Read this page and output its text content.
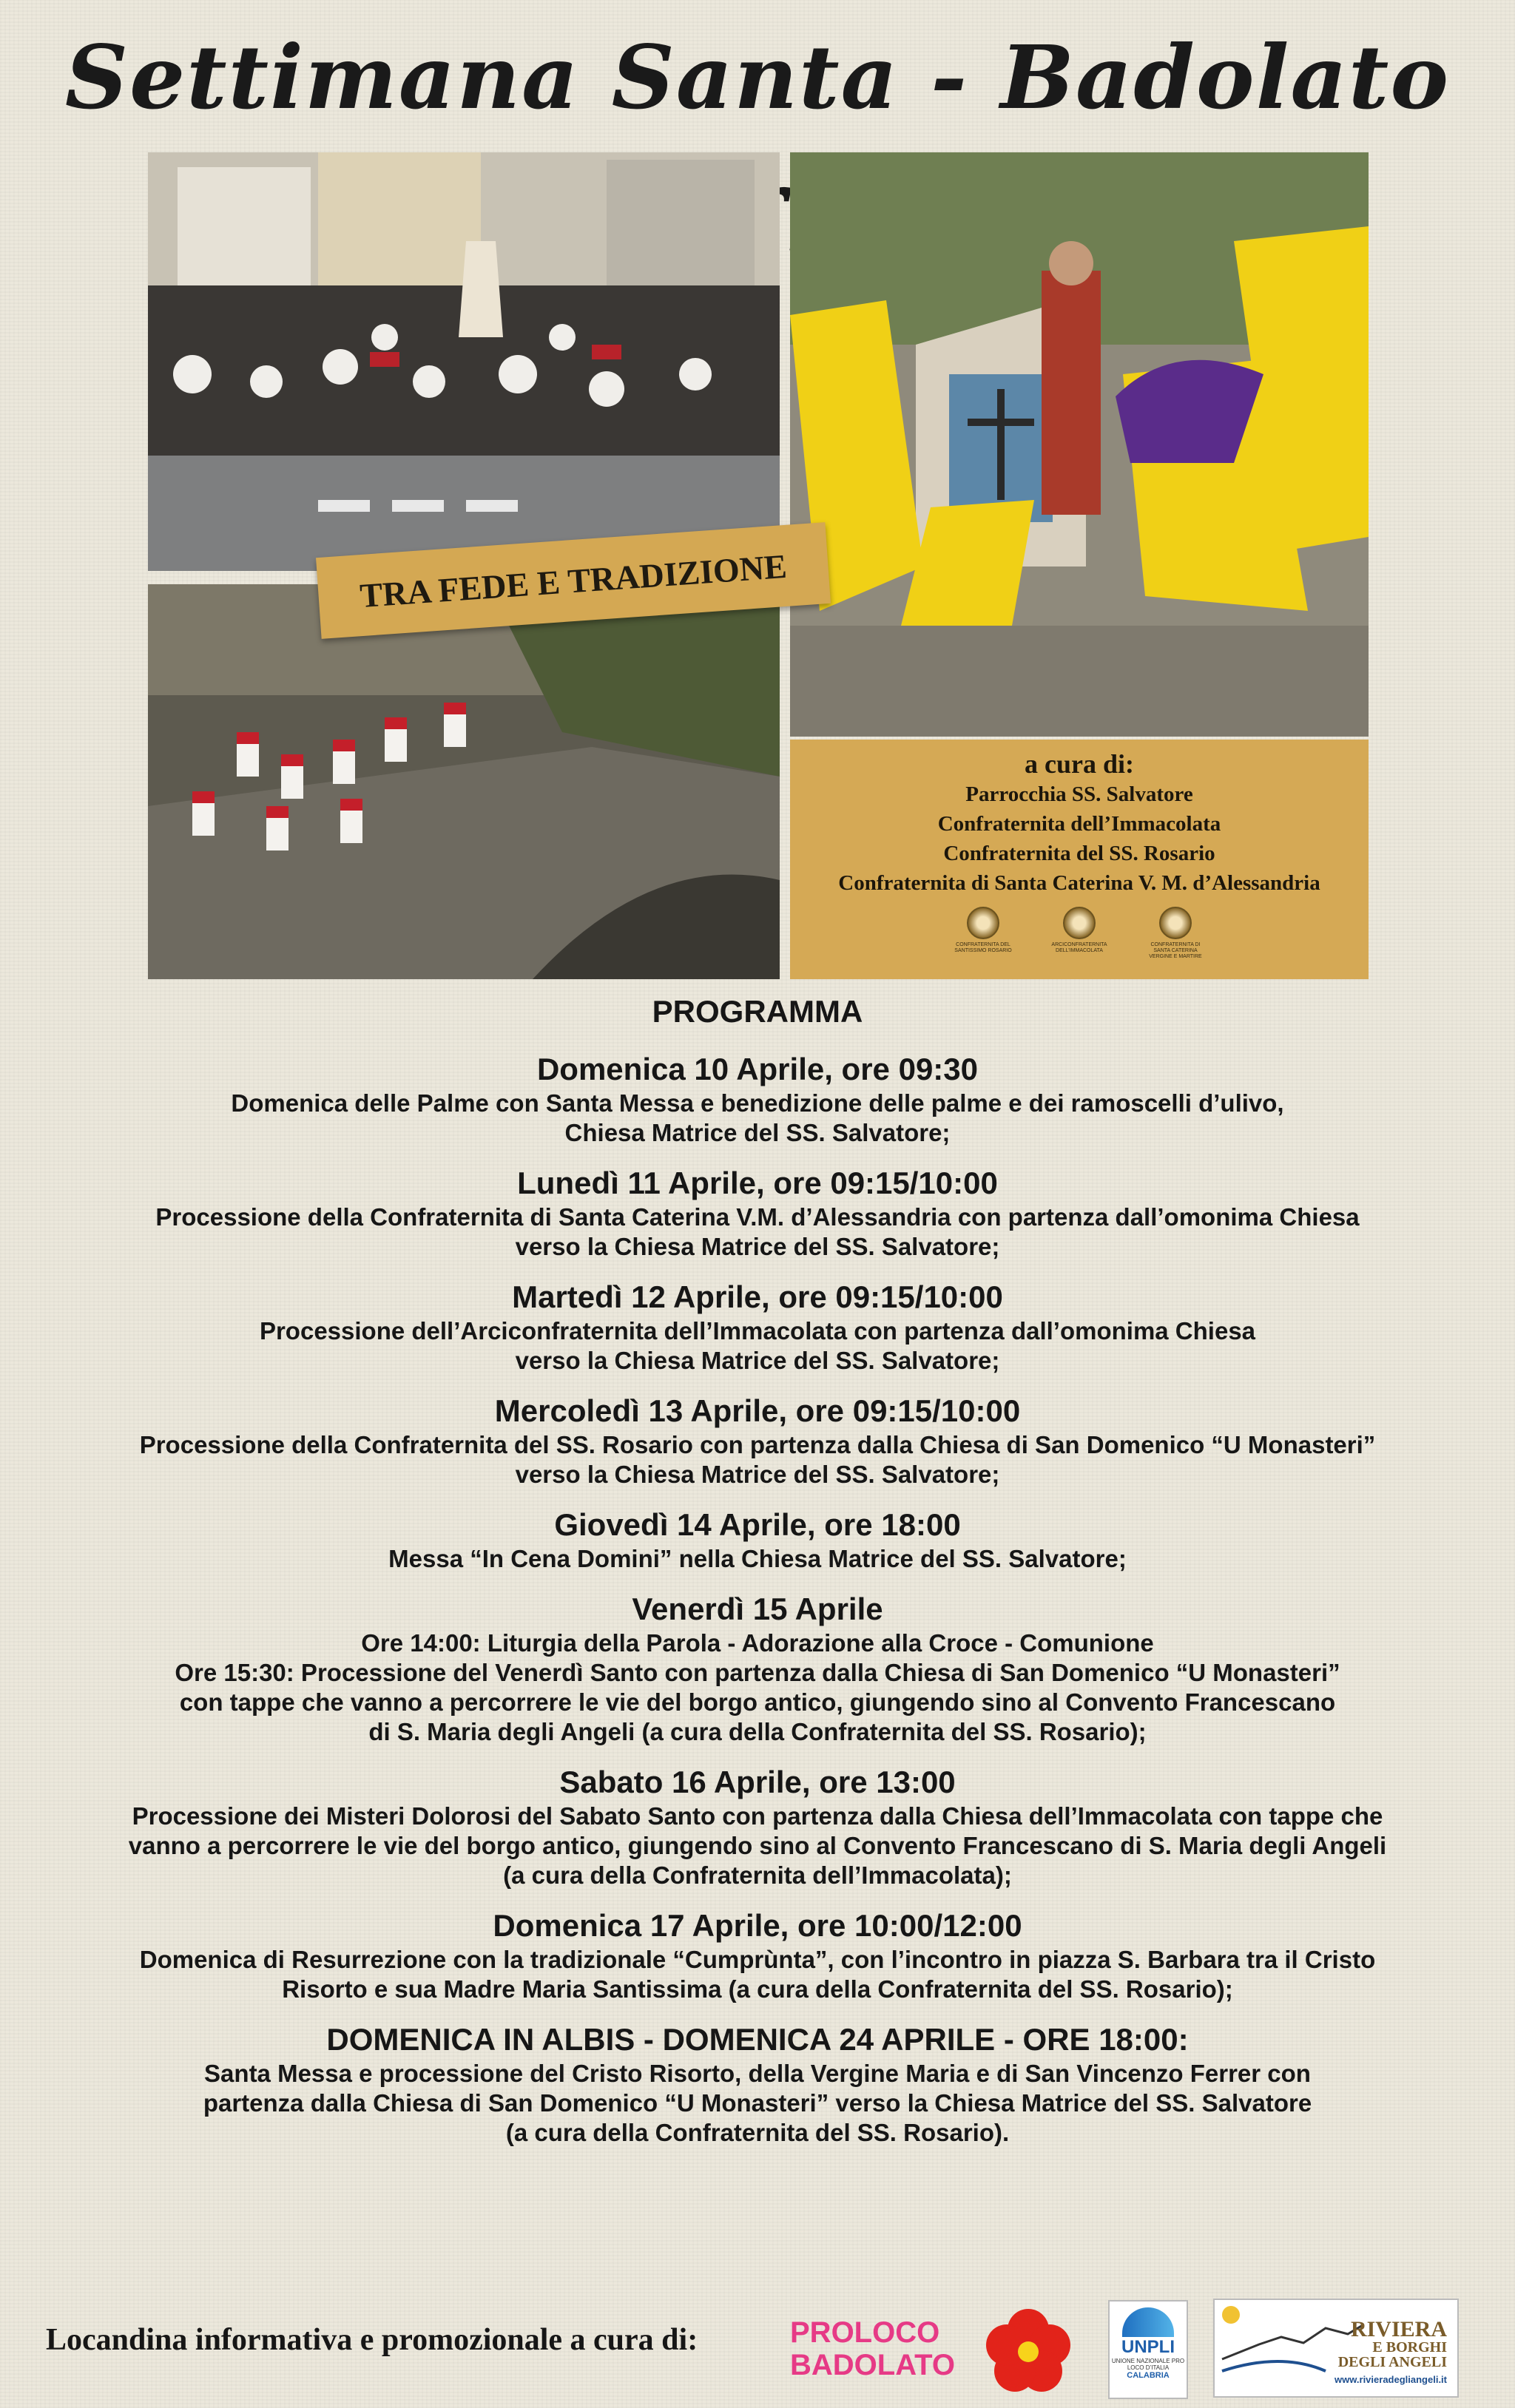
Settimana Santa - Badolato
TRA FEDE E TRADIZIONE
a cura di:
Parrocchia SS. Salvatore
Confraternita dell’Immacolata
Confraternita del SS. Rosario
Confraternita di Santa Caterina V. M. d’Alessandria
CONFRATERNITA DEL SANTISSIMO ROSARIO
ARCICONFRATERNITA DELL’IMMACOLATA
CONFRATERNITA DI SANTA CATERINA VERGINE E MARTIRE
PROGRAMMA
Domenica 10 Aprile, ore 09:30
Domenica delle Palme con Santa Messa e benedizione delle palme e dei ramoscelli d’ulivo,
Chiesa Matrice del SS. Salvatore;
Lunedì 11 Aprile, ore 09:15/10:00
Processione della Confraternita di Santa Caterina V.M. d’Alessandria con partenza dall’omonima Chiesa
verso la Chiesa Matrice del SS. Salvatore;
Martedì 12 Aprile, ore 09:15/10:00
Processione dell’Arciconfraternita dell’Immacolata con partenza dall’omonima Chiesa
verso la Chiesa Matrice del SS. Salvatore;
Mercoledì 13 Aprile, ore 09:15/10:00
Processione della Confraternita del SS. Rosario con partenza dalla Chiesa di San Domenico “U Monasteri”
verso la Chiesa Matrice del SS. Salvatore;
Giovedì 14 Aprile, ore 18:00
Messa “In Cena Domini” nella Chiesa Matrice del SS. Salvatore;
Venerdì 15 Aprile
Ore 14:00: Liturgia della Parola - Adorazione alla Croce - Comunione
Ore 15:30: Processione del Venerdì Santo con partenza dalla Chiesa di San Domenico “U Monasteri”
con tappe che vanno a percorrere le vie del borgo antico, giungendo sino al Convento Francescano
di S. Maria degli Angeli (a cura della Confraternita del SS. Rosario);
Sabato 16 Aprile, ore 13:00
Processione dei Misteri Dolorosi del Sabato Santo con partenza dalla Chiesa dell’Immacolata con tappe che
vanno a percorrere le vie del borgo antico, giungendo sino al Convento Francescano di S. Maria degli Angeli
(a cura della Confraternita dell’Immacolata);
Domenica 17 Aprile, ore 10:00/12:00
Domenica di Resurrezione con la tradizionale “Cumprùnta”, con l’incontro in piazza S. Barbara tra il Cristo
Risorto e sua Madre Maria Santissima (a cura della Confraternita del SS. Rosario);
DOMENICA IN ALBIS - DOMENICA 24 APRILE - ORE 18:00:
Santa Messa e processione del Cristo Risorto, della Vergine Maria e di San Vincenzo Ferrer con
partenza dalla Chiesa di San Domenico “U Monasteri” verso la Chiesa Matrice del SS. Salvatore
(a cura della Confraternita del SS. Rosario).
Locandina informativa e promozionale a cura di:	PROLOCO
BADOLATO
UNPLI
UNIONE NAZIONALE PRO LOCO D’ITALIA
CALABRIA
RIVIERA
E BORGHI
DEGLI ANGELI
www.rivieradegliangeli.it
